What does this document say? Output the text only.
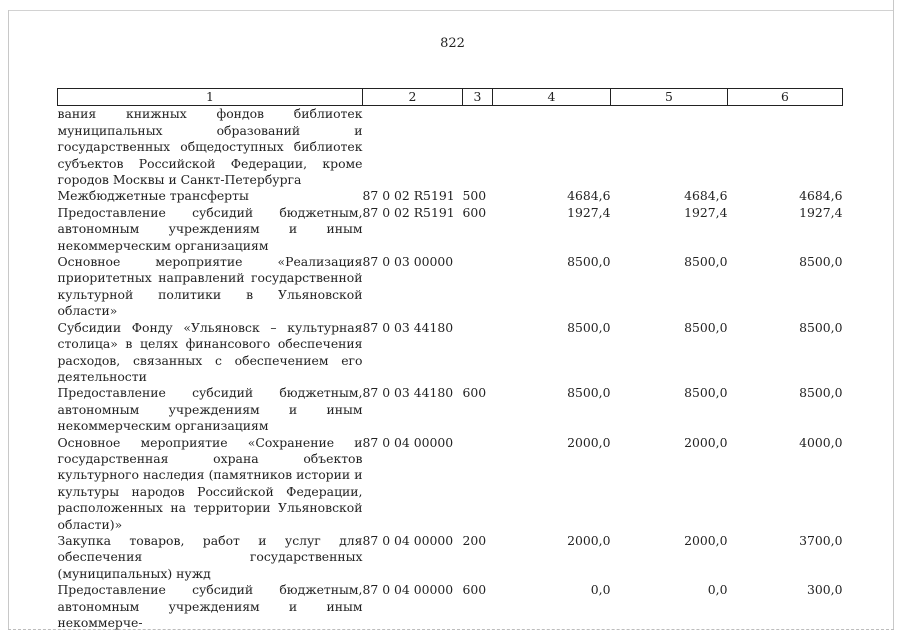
822
1	2	3	4	5	6
вания книжных фондов библиотек муниципальных образований и государственных общедоступных библиотек субъектов Российской Федерации, кроме городов Москвы и Санкт-Петербурга					
Межбюджетные трансферты	87 0 02 R5191	500	4684,6	4684,6	4684,6
Предоставление субсидий бюджетным, автономным учреждениям и иным некоммерческим организациям	87 0 02 R5191	600	1927,4	1927,4	1927,4
Основное мероприятие «Реализация приоритетных направлений государственной культурной политики в Ульяновской области»	87 0 03 00000		8500,0	8500,0	8500,0
Субсидии Фонду «Ульяновск – культурная столица» в целях финансового обеспечения расходов, связанных с обеспечением его деятельности	87 0 03 44180		8500,0	8500,0	8500,0
Предоставление субсидий бюджетным, автономным учреждениям и иным некоммерческим организациям	87 0 03 44180	600	8500,0	8500,0	8500,0
Основное мероприятие «Сохранение и государственная охрана объектов культурного наследия (памятников истории и культуры народов Российской Федерации, расположенных на территории Ульяновской области)»	87 0 04 00000		2000,0	2000,0	4000,0
Закупка товаров, работ и услуг для обеспечения государственных (муниципальных) нужд	87 0 04 00000	200	2000,0	2000,0	3700,0
Предоставление субсидий бюджетным, автономным учреждениям и иным некоммерче-	87 0 04 00000	600	0,0	0,0	300,0
